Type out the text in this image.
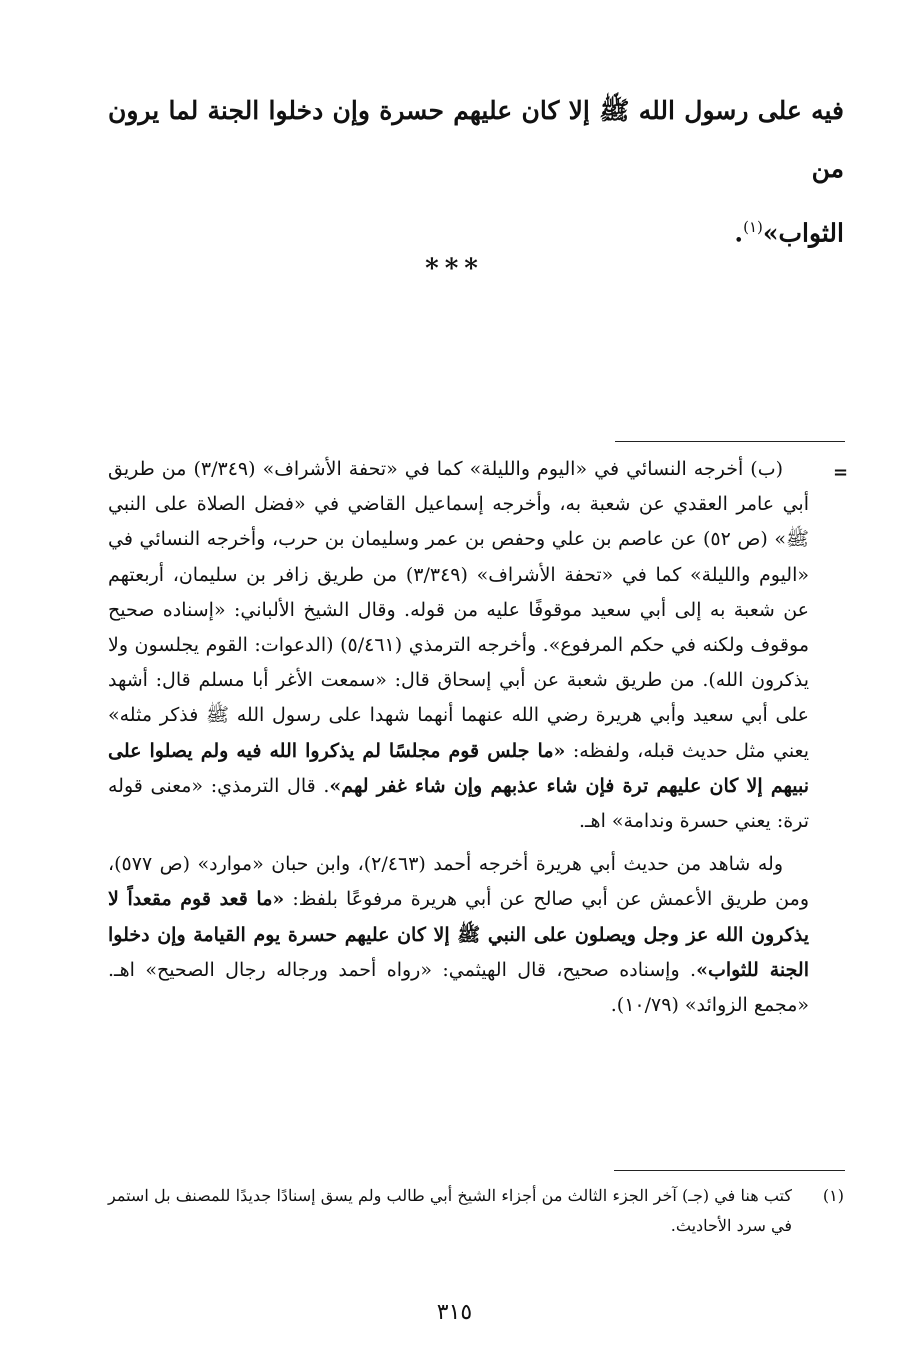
فيه على رسول الله ﷺ إلا كان عليهم حسرة وإن دخلوا الجنة لما يرون من
الثواب»$^{(١)}$.
***
=

(ب) أخرجه النسائي في «اليوم والليلة» كما في «تحفة الأشراف» (٣/٣٤٩) من طريق أبي عامر العقدي عن شعبة به، وأخرجه إسماعيل القاضي في «فضل الصلاة على النبي ﷺ» (ص ٥٢) عن عاصم بن علي وحفص بن عمر وسليمان بن حرب، وأخرجه النسائي في «اليوم والليلة» كما في «تحفة الأشراف» (٣/٣٤٩) من طريق زافر بن سليمان، أربعتهم عن شعبة به إلى أبي سعيد موقوفًا عليه من قوله. وقال الشيخ الألباني: «إسناده صحيح موقوف ولكنه في حكم المرفوع». وأخرجه الترمذي (٥/٤٦١) (الدعوات: القوم يجلسون ولا يذكرون الله). من طريق شعبة عن أبي إسحاق قال: «سمعت الأغر أبا مسلم قال: أشهد على أبي سعيد وأبي هريرة رضي الله عنهما أنهما شهدا على رسول الله ﷺ فذكر مثله» يعني مثل حديث قبله، ولفظه: «ما جلس قوم مجلسًا لم يذكروا الله فيه ولم يصلوا على نبيهم إلا كان عليهم ترة فإن شاء عذبهم وإن شاء غفر لهم». قال الترمذي: «معنى قوله ترة: يعني حسرة وندامة» اهـ.

وله شاهد من حديث أبي هريرة أخرجه أحمد (٢/٤٦٣)، وابن حبان «موارد» (ص ٥٧٧)، ومن طريق الأعمش عن أبي صالح عن أبي هريرة مرفوعًا بلفظ: «ما قعد قوم مقعداً لا يذكرون الله عز وجل ويصلون على النبي ﷺ إلا كان عليهم حسرة يوم القيامة وإن دخلوا الجنة للثواب». وإسناده صحيح، قال الهيثمي: «رواه أحمد ورجاله رجال الصحيح» اهـ. «مجمع الزوائد» (١٠/٧٩).

(١)
كتب هنا في (جـ) آخر الجزء الثالث من أجزاء الشيخ أبي طالب ولم يسق إسنادًا جديدًا للمصنف بل استمر في سرد الأحاديث.
٣١٥
